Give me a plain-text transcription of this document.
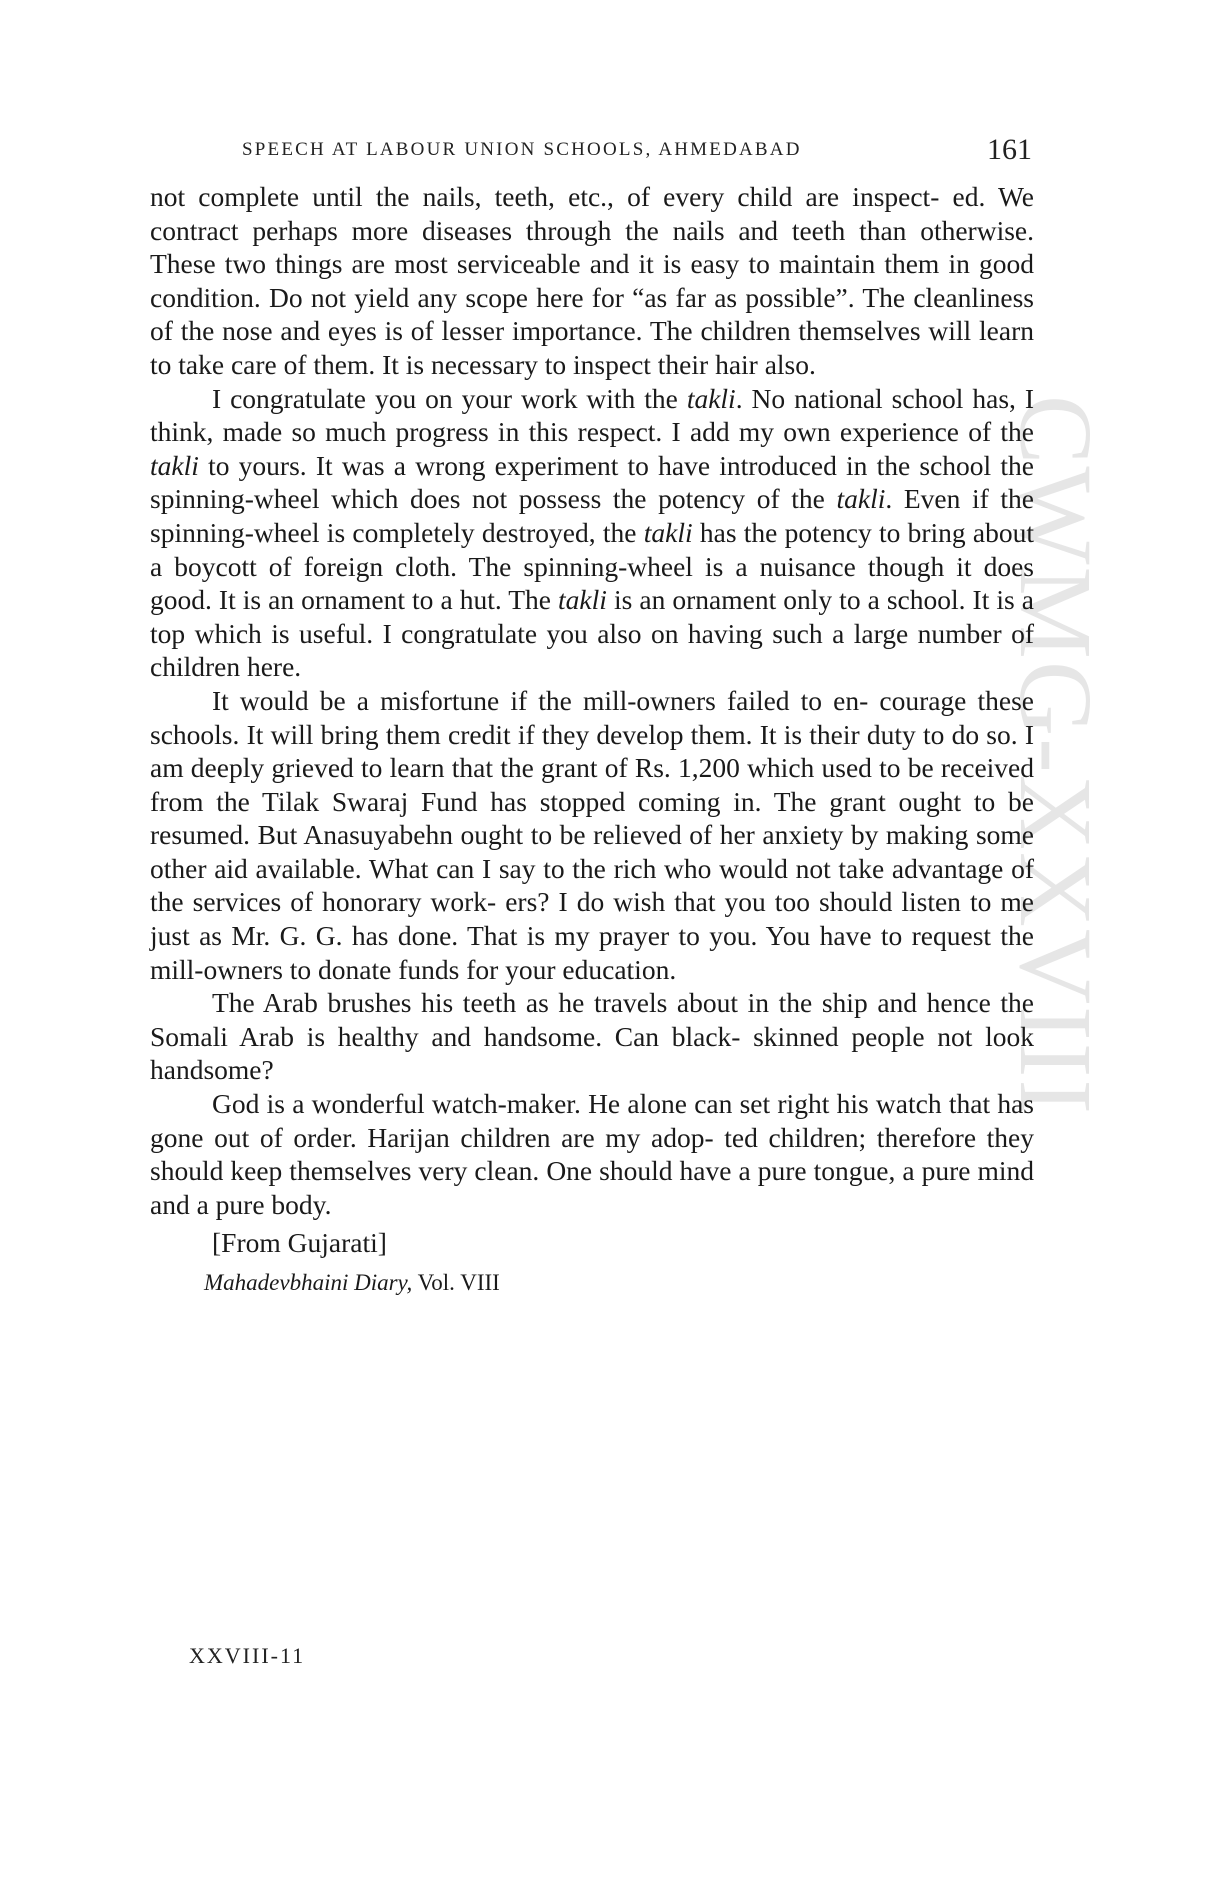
CWMG-XXVIII
SPEECH AT LABOUR UNION SCHOOLS, AHMEDABAD	161

not complete until the nails, teeth, etc., of every child are inspect- ed. We contract perhaps more diseases through the nails and teeth than otherwise. These two things are most serviceable and it is easy to maintain them in good condition. Do not yield any scope here for “as far as possible”. The cleanliness of the nose and eyes is of lesser importance. The children themselves will learn to take care of them. It is necessary to inspect their hair also.

I congratulate you on your work with the takli. No national school has, I think, made so much progress in this respect. I add my own experience of the takli to yours. It was a wrong experiment to have introduced in the school the spinning-wheel which does not possess the potency of the takli. Even if the spinning-wheel is completely destroyed, the takli has the potency to bring about a boycott of foreign cloth. The spinning-wheel is a nuisance though it does good. It is an ornament to a hut. The takli is an ornament only to a school. It is a top which is useful. I congratulate you also on having such a large number of children here.

It would be a misfortune if the mill-owners failed to en- courage these schools. It will bring them credit if they develop them. It is their duty to do so. I am deeply grieved to learn that the grant of Rs. 1,200 which used to be received from the Tilak Swaraj Fund has stopped coming in. The grant ought to be resumed. But Anasuyabehn ought to be relieved of her anxiety by making some other aid available. What can I say to the rich who would not take advantage of the services of honorary work- ers? I do wish that you too should listen to me just as Mr. G. G. has done. That is my prayer to you. You have to request the mill-owners to donate funds for your education.

The Arab brushes his teeth as he travels about in the ship and hence the Somali Arab is healthy and handsome. Can black- skinned people not look handsome?

God is a wonderful watch-maker. He alone can set right his watch that has gone out of order. Harijan children are my adop- ted children; therefore they should keep themselves very clean. One should have a pure tongue, a pure mind and a pure body.

[From Gujarati]

Mahadevbhaini Diary, Vol. VIII

XXVIII-11
